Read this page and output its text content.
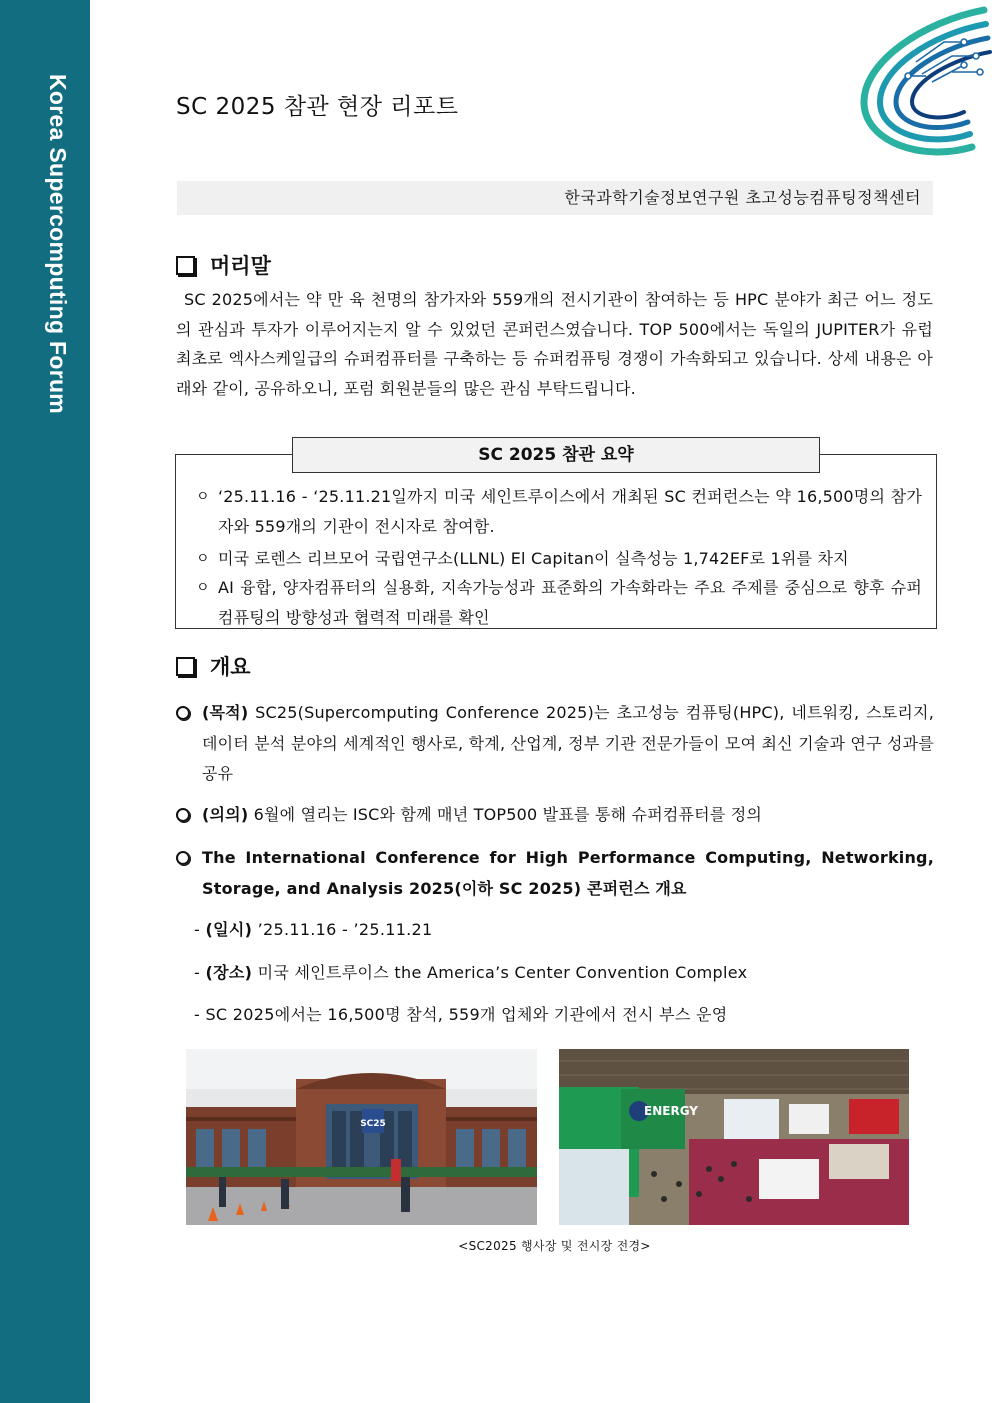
Korea Supercomputing Forum	SC 2025 참관 현장 리포트
한국과학기술정보연구원 초고성능컴퓨팅정책센터
머리말

SC 2025에서는 약 만 육 천명의 참가자와 559개의 전시기관이 참여하는 등 HPC 분야가 최근 어느 정도의 관심과 투자가 이루어지는지 알 수 있었던 콘퍼런스였습니다. TOP 500에서는 독일의 JUPITER가 유럽 최초로 엑사스케일급의 슈퍼컴퓨터를 구축하는 등 슈퍼컴퓨팅 경쟁이 가속화되고 있습니다. 상세 내용은 아래와 같이, 공유하오니, 포럼 회원분들의 많은 관심 부탁드립니다.

SC 2025 참관 요약
ㅇ ‘25.11.16 - ‘25.11.21일까지 미국 세인트루이스에서 개최된 SC 컨퍼런스는 약 16,500명의 참가자와 559개의 기관이 전시자로 참여함.
ㅇ 미국 로렌스 리브모어 국립연구소(LLNL) El Capitan이 실측성능 1,742EF로 1위를 차지
ㅇ AI 융합, 양자컴퓨터의 실용화, 지속가능성과 표준화의 가속화라는 주요 주제를 중심으로 향후 슈퍼컴퓨팅의 방향성과 협력적 미래를 확인
개요
(목적) SC25(Supercomputing Conference 2025)는 초고성능 컴퓨팅(HPC), 네트워킹, 스토리지, 데이터 분석 분야의 세계적인 행사로, 학계, 산업계, 정부 기관 전문가들이 모여 최신 기술과 연구 성과를 공유
(의의) 6월에 열리는 ISC와 함께 매년 TOP500 발표를 통해 슈퍼컴퓨터를 정의
The International Conference for High Performance Computing, Networking, Storage, and Analysis 2025(이하 SC 2025) 콘퍼런스 개요
- (일시) ’25.11.16 - ’25.11.21
- (장소) 미국 세인트루이스 the America’s Center Convention Complex
- SC 2025에서는 16,500명 참석, 559개 업체와 기관에서 전시 부스 운영
SC25
ENERGY
<SC2025 행사장 및 전시장 전경>
